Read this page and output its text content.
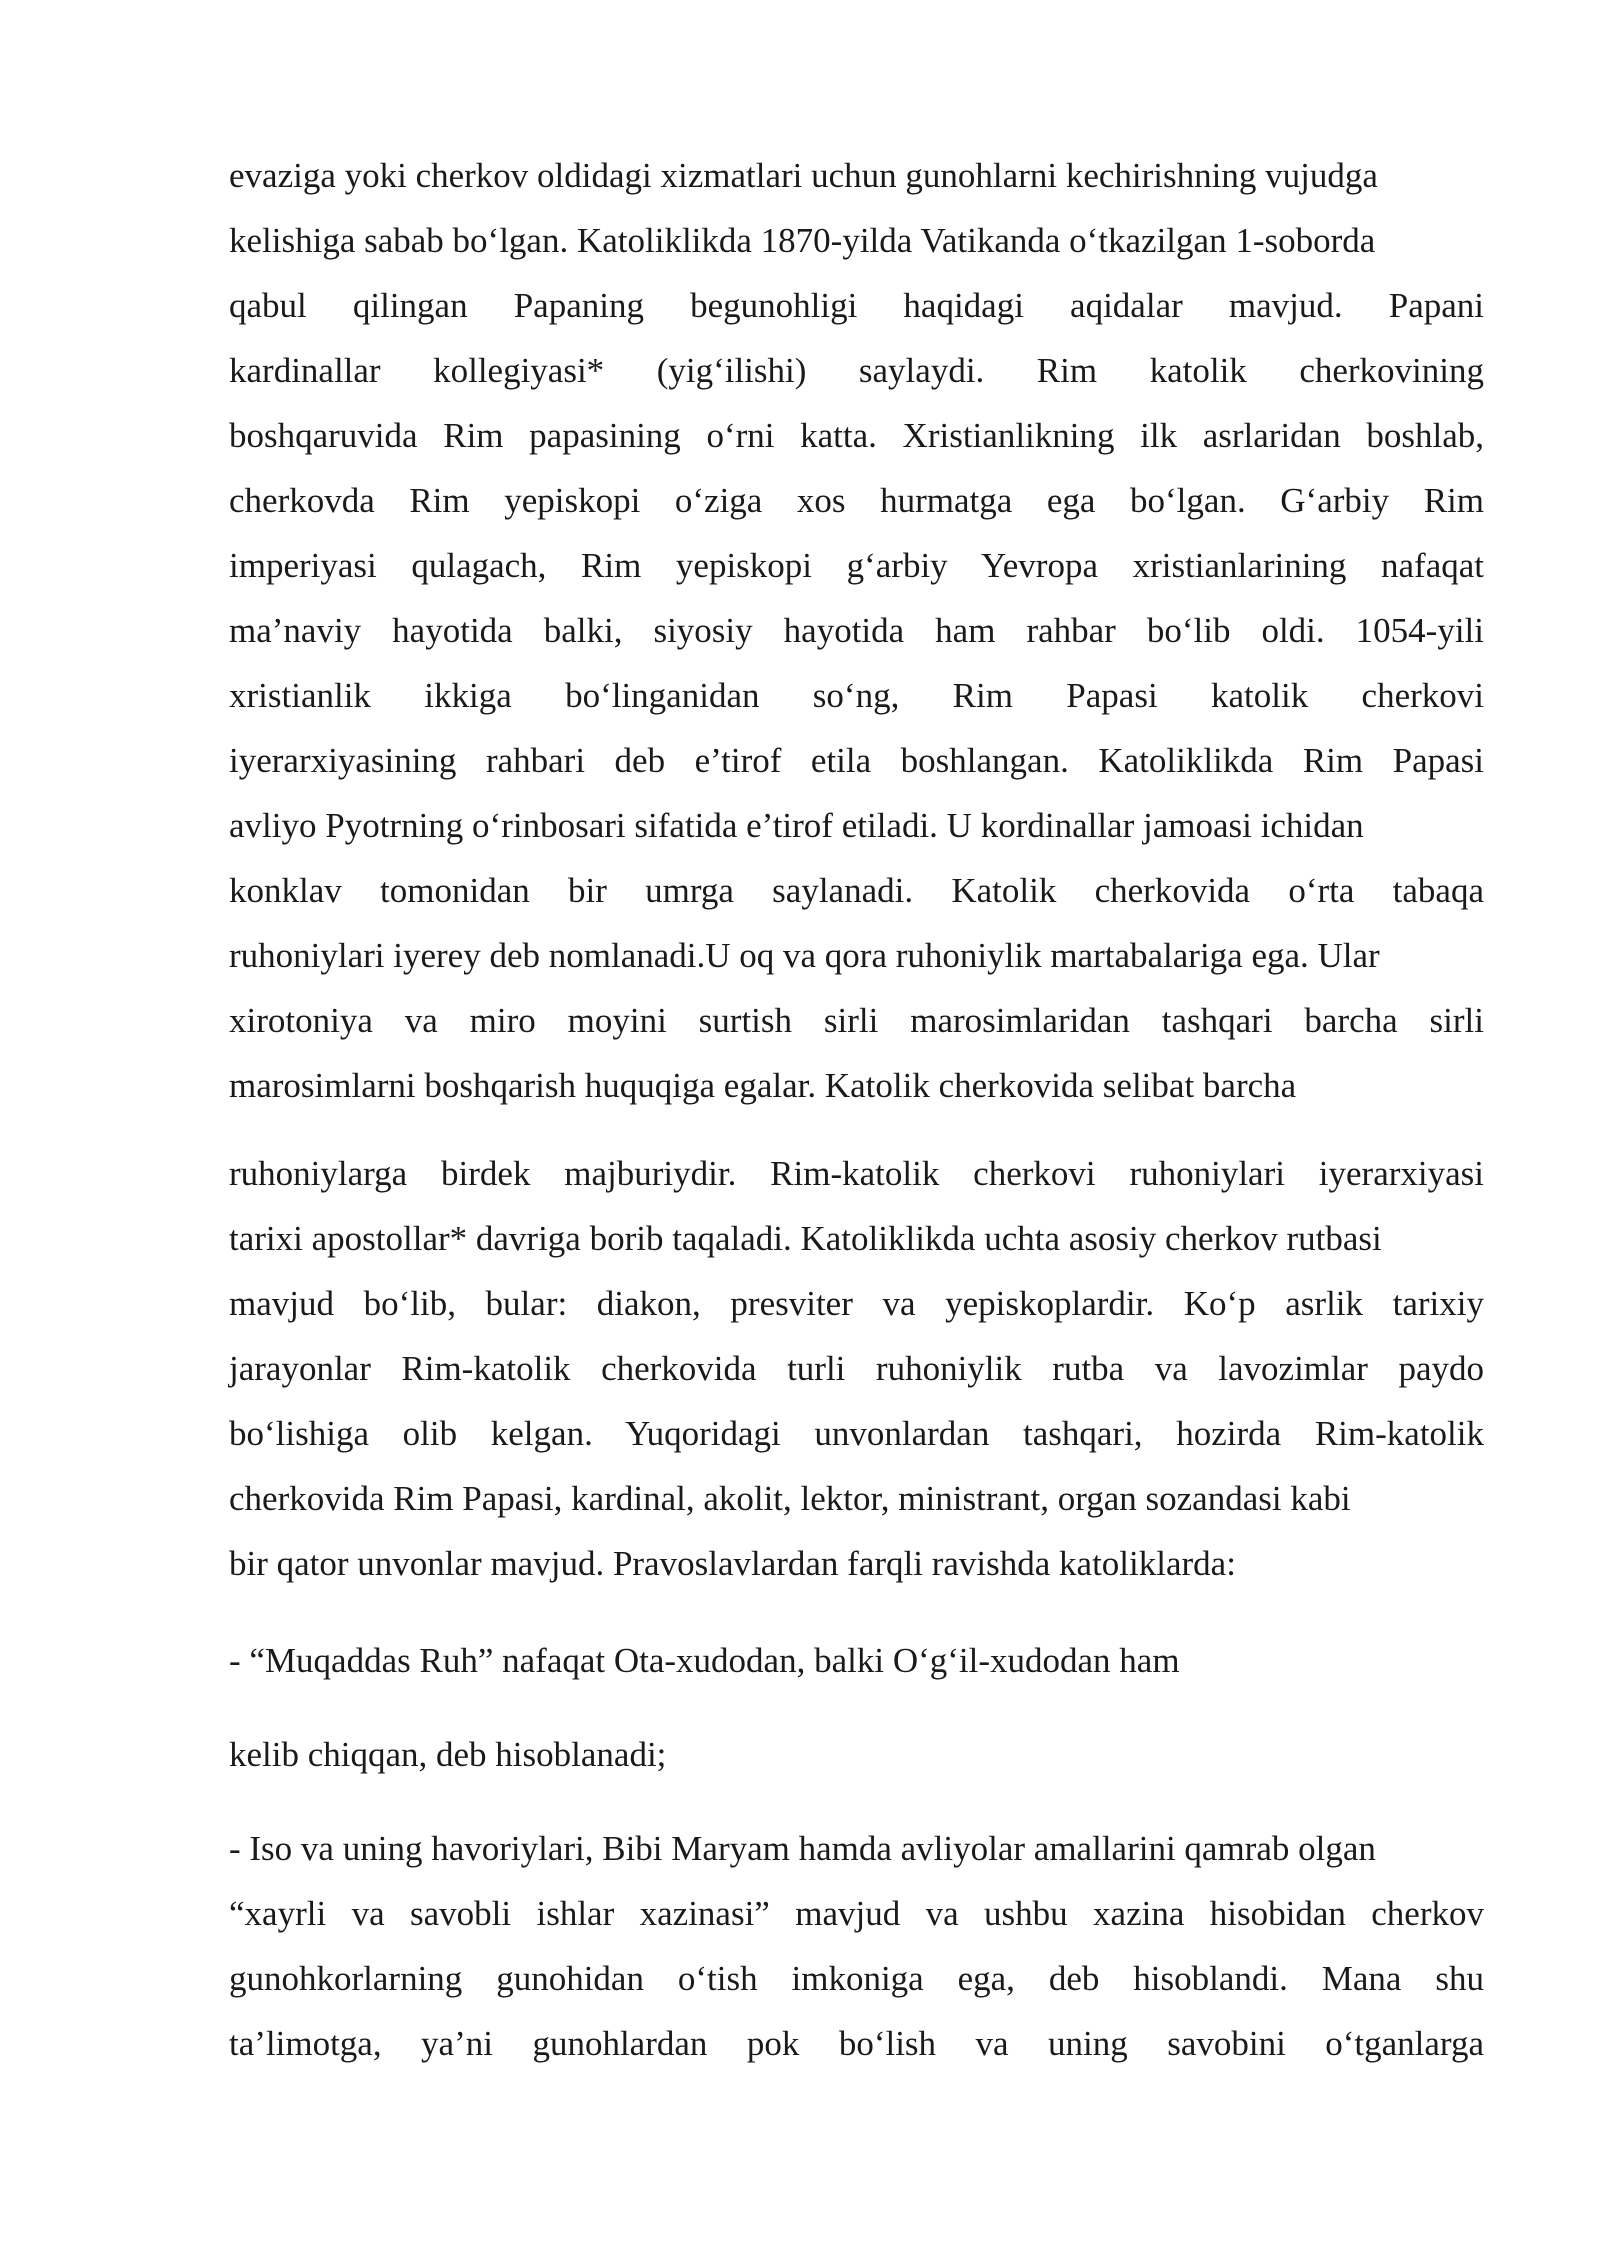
evaziga yoki cherkov oldidagi xizmatlari uchun gunohlarni kechirishning vujudga
kelishiga sabab bo‘lgan. Katoliklikda 1870-yilda Vatikanda o‘tkazilgan 1-soborda
qabul qilingan Papaning begunohligi haqidagi aqidalar mavjud. Papani
kardinallar kollegiyasi* (yig‘ilishi) saylaydi. Rim katolik cherkovining
boshqaruvida Rim papasining o‘rni katta. Xristianlikning ilk asrlaridan boshlab,
cherkovda Rim yepiskopi o‘ziga xos hurmatga ega bo‘lgan. G‘arbiy Rim
imperiyasi qulagach, Rim yepiskopi g‘arbiy Yevropa xristianlarining nafaqat
ma’naviy hayotida balki, siyosiy hayotida ham rahbar bo‘lib oldi. 1054-yili
xristianlik ikkiga bo‘linganidan so‘ng, Rim Papasi katolik cherkovi
iyerarxiyasining rahbari deb e’tirof etila boshlangan. Katoliklikda Rim Papasi
avliyo Pyotrning o‘rinbosari sifatida e’tirof etiladi. U kordinallar jamoasi ichidan
konklav tomonidan bir umrga saylanadi. Katolik cherkovida o‘rta tabaqa
ruhoniylari iyerey deb nomlanadi.U oq va qora ruhoniylik martabalariga ega. Ular
xirotoniya va miro moyini surtish sirli marosimlaridan tashqari barcha sirli
marosimlarni boshqarish huquqiga egalar. Katolik cherkovida selibat barcha
ruhoniylarga birdek majburiydir. Rim-katolik cherkovi ruhoniylari iyerarxiyasi
tarixi apostollar* davriga borib taqaladi. Katoliklikda uchta asosiy cherkov rutbasi
mavjud bo‘lib, bular: diakon, presviter va yepiskoplardir. Ko‘p asrlik tarixiy
jarayonlar Rim-katolik cherkovida turli ruhoniylik rutba va lavozimlar paydo
bo‘lishiga olib kelgan. Yuqoridagi unvonlardan tashqari, hozirda Rim-katolik
cherkovida Rim Papasi, kardinal, akolit, lektor, ministrant, organ sozandasi kabi
bir qator unvonlar mavjud. Pravoslavlardan farqli ravishda katoliklarda:
- “Muqaddas Ruh” nafaqat Ota-xudodan, balki O‘g‘il-xudodan ham
kelib chiqqan, deb hisoblanadi;
- Iso va uning havoriylari, Bibi Maryam hamda avliyolar amallarini qamrab olgan
“xayrli va savobli ishlar xazinasi” mavjud va ushbu xazina hisobidan cherkov
gunohkorlarning gunohidan o‘tish imkoniga ega, deb hisoblandi. Mana shu
ta’limotga, ya’ni gunohlardan pok bo‘lish va uning savobini o‘tganlarga
